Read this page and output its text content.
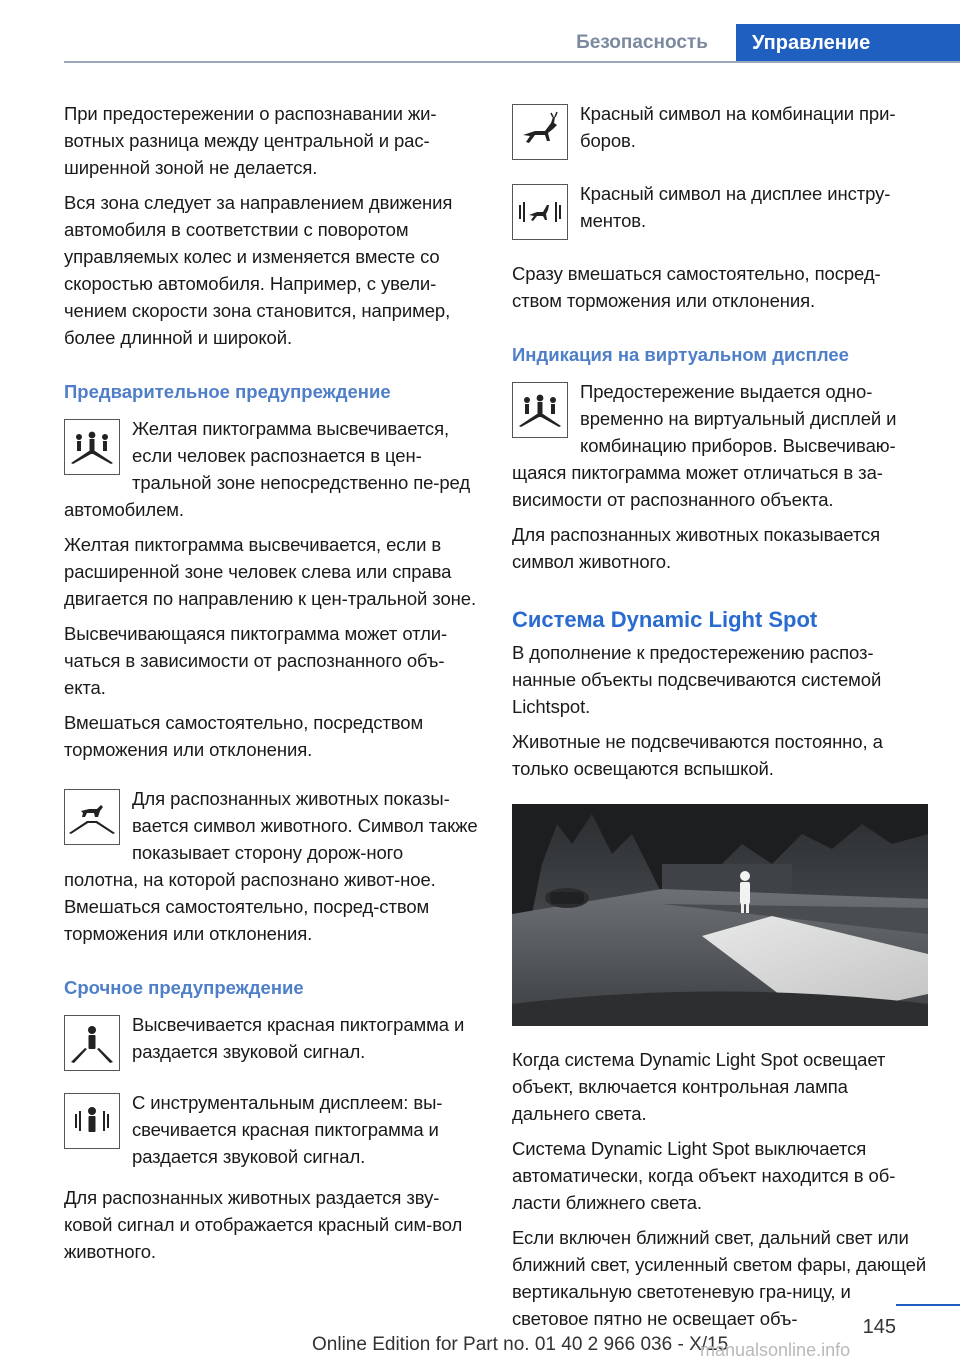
Безопасность	Управление

При предостережении о распознавании жи-вотных разница между центральной и рас-ширенной зоной не делается.

Вся зона следует за направлением движения автомобиля в соответствии с поворотом управляемых колес и изменяется вместе со скоростью автомобиля. Например, с увели-чением скорости зона становится, например, более длинной и широкой.

Предварительное предупреждение

Желтая пиктограмма высвечивается, если человек распознается в цен-тральной зоне непосредственно пе-ред автомобилем.

Желтая пиктограмма высвечивается, если в расширенной зоне человек слева или справа двигается по направлению к цен-тральной зоне.

Высвечивающаяся пиктограмма может отли-чаться в зависимости от распознанного объ-екта.

Вмешаться самостоятельно, посредством торможения или отклонения.

Для распознанных животных показы-вается символ животного. Символ также показывает сторону дорож-ного полотна, на которой распознано живот-ное. Вмешаться самостоятельно, посред-ством торможения или отклонения.

Срочное предупреждение

Высвечивается красная пиктограмма и раздается звуковой сигнал.

С инструментальным дисплеем: вы-свечивается красная пиктограмма и раздается звуковой сигнал.

Для распознанных животных раздается зву-ковой сигнал и отображается красный сим-вол животного.

Красный символ на комбинации при-боров.

Красный символ на дисплее инстру-ментов.

Сразу вмешаться самостоятельно, посред-ством торможения или отклонения.

Индикация на виртуальном дисплее

Предостережение выдается одно-временно на виртуальный дисплей и комбинацию приборов. Высвечиваю-щаяся пиктограмма может отличаться в за-висимости от распознанного объекта.

Для распознанных животных показывается символ животного.

Система Dynamic Light Spot

В дополнение к предостережению распоз-нанные объекты подсвечиваются системой Lichtspot.

Животные не подсвечиваются постоянно, а только освещаются вспышкой.

Когда система Dynamic Light Spot освещает объект, включается контрольная лампа дальнего света.

Система Dynamic Light Spot выключается автоматически, когда объект находится в об-ласти ближнего света.

Если включен ближний свет, дальний свет или ближний свет, усиленный светом фары, дающей вертикальную светотеневую гра-ницу, и световое пятно не освещает объ-	145
Online Edition for Part no. 01 40 2 966 036 - X/15
manualsonline.info
